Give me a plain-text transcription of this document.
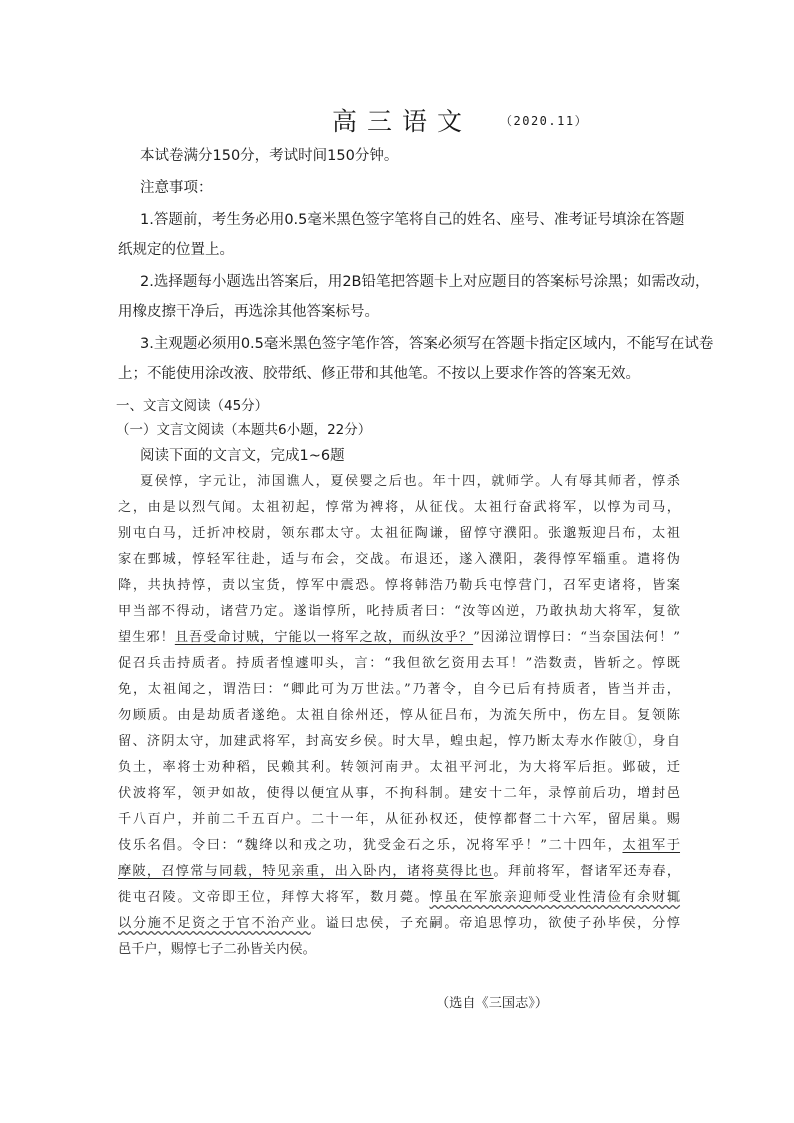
高三语文 （2020.11）
本试卷满分150分，考试时间150分钟。
注意事项：
1.答题前，考生务必用0.5毫米黑色签字笔将自己的姓名、座号、准考证号填涂在答题
纸规定的位置上。
2.选择题每小题选出答案后，用2B铅笔把答题卡上对应题目的答案标号涂黑；如需改动，
用橡皮擦干净后，再选涂其他答案标号。
3.主观题必须用0.5毫米黑色签字笔作答，答案必须写在答题卡指定区域内，不能写在试卷
上；不能使用涂改液、胶带纸、修正带和其他笔。不按以上要求作答的答案无效。
一、文言文阅读（45分）
（一）文言文阅读（本题共6小题，22分）
阅读下面的文言文，完成1~6题
夏侯惇，字元让，沛国谯人，夏侯婴之后也。年十四，就师学。人有辱其师者，惇杀
之，由是以烈气闻。太祖初起，惇常为裨将，从征伐。太祖行奋武将军，以惇为司马，
别屯白马，迁折冲校尉，领东郡太守。太祖征陶谦，留惇守濮阳。张邈叛迎吕布，太祖
家在鄄城，惇轻军往赴，适与布会，交战。布退还，遂入濮阳，袭得惇军辎重。遣将伪
降，共执持惇，责以宝货，惇军中震恐。惇将韩浩乃勒兵屯惇营门，召军吏诸将，皆案
甲当部不得动，诸营乃定。遂诣惇所，叱持质者曰：“汝等凶逆，乃敢执劫大将军，复欲
望生邪！且吾受命讨贼，宁能以一将军之故，而纵汝乎？”因涕泣谓惇曰：“当奈国法何！”
促召兵击持质者。持质者惶遽叩头，言：“我但欲乞资用去耳！”浩数责，皆斩之。惇既
免，太祖闻之，谓浩曰：“卿此可为万世法。”乃著令，自今已后有持质者，皆当并击，
勿顾质。由是劫质者遂绝。太祖自徐州还，惇从征吕布，为流矢所中，伤左目。复领陈
留、济阴太守，加建武将军，封高安乡侯。时大旱，蝗虫起，惇乃断太寿水作陂①，身自
负土，率将士劝种稻，民赖其利。转领河南尹。太祖平河北，为大将军后拒。邺破，迁
伏波将军，领尹如故，使得以便宜从事，不拘科制。建安十二年，录惇前后功，增封邑
千八百户，并前二千五百户。二十一年，从征孙权还，使惇都督二十六军，留居巢。赐
伎乐名倡。令曰：“魏绛以和戎之功，犹受金石之乐，况将军乎！”二十四年，太祖军于
摩陂，召惇常与同载，特见亲重，出入卧内，诸将莫得比也。拜前将军，督诸军还寿春，
徙屯召陵。文帝即王位，拜惇大将军，数月薨。惇虽在军旅亲迎师受业性清俭有余财辄
以分施不足资之于官不治产业。谥曰忠侯，子充嗣。帝追思惇功，欲使子孙毕侯，分惇
邑千户，赐惇七子二孙皆关内侯。
（选自《三国志》）
